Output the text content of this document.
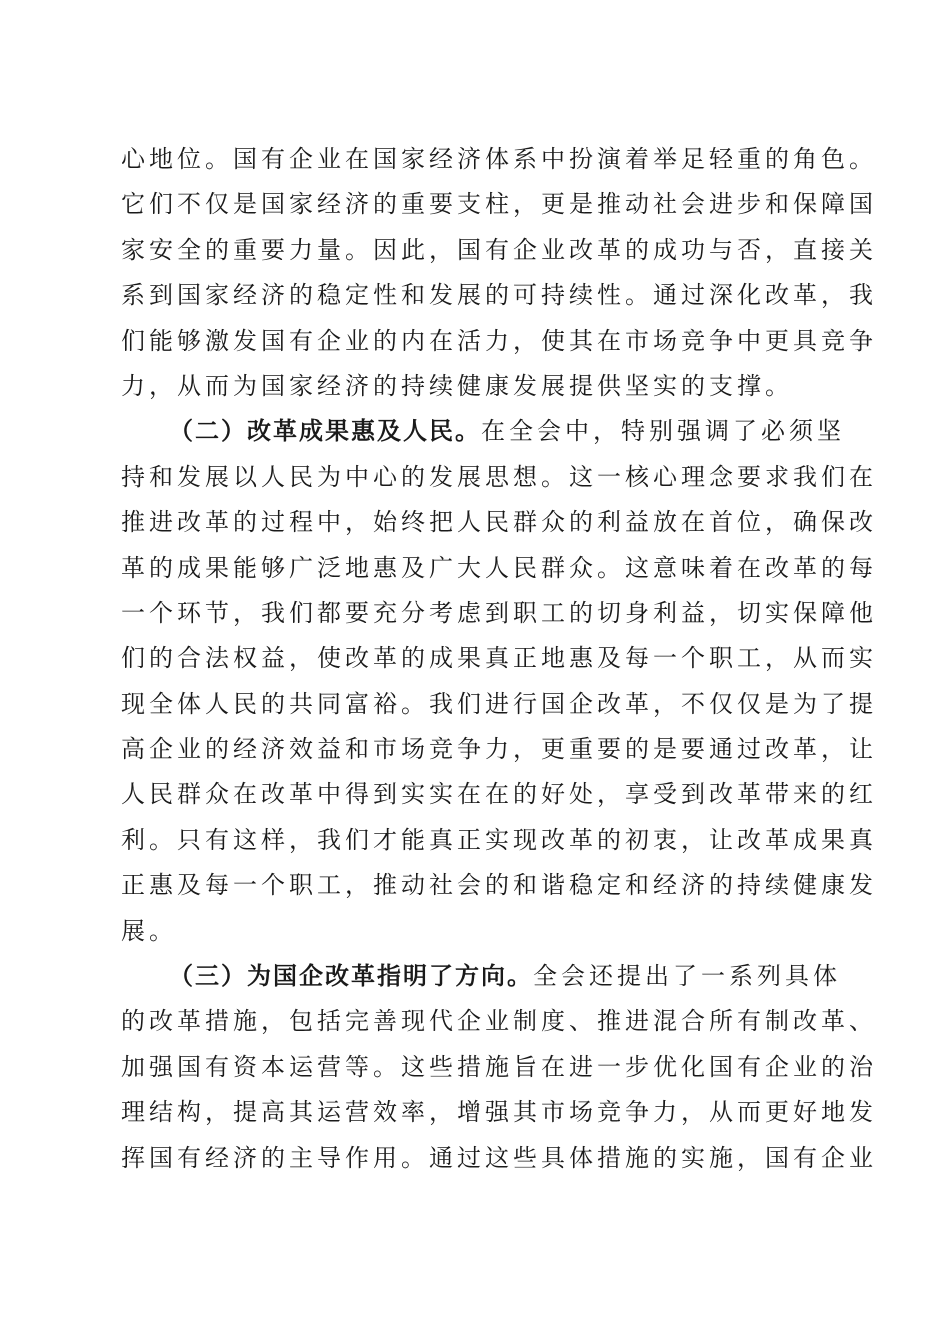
心地位。国有企业在国家经济体系中扮演着举足轻重的角色。
它们不仅是国家经济的重要支柱，更是推动社会进步和保障国
家安全的重要力量。因此，国有企业改革的成功与否，直接关
系到国家经济的稳定性和发展的可持续性。通过深化改革，我
们能够激发国有企业的内在活力，使其在市场竞争中更具竞争
力，从而为国家经济的持续健康发展提供坚实的支撑。
（二）改革成果惠及人民。在全会中，特别强调了必须坚
持和发展以人民为中心的发展思想。这一核心理念要求我们在
推进改革的过程中，始终把人民群众的利益放在首位，确保改
革的成果能够广泛地惠及广大人民群众。这意味着在改革的每
一个环节，我们都要充分考虑到职工的切身利益，切实保障他
们的合法权益，使改革的成果真正地惠及每一个职工，从而实
现全体人民的共同富裕。我们进行国企改革，不仅仅是为了提
高企业的经济效益和市场竞争力，更重要的是要通过改革，让
人民群众在改革中得到实实在在的好处，享受到改革带来的红
利。只有这样，我们才能真正实现改革的初衷，让改革成果真
正惠及每一个职工，推动社会的和谐稳定和经济的持续健康发
展。
（三）为国企改革指明了方向。全会还提出了一系列具体
的改革措施，包括完善现代企业制度、推进混合所有制改革、
加强国有资本运营等。这些措施旨在进一步优化国有企业的治
理结构，提高其运营效率，增强其市场竞争力，从而更好地发
挥国有经济的主导作用。通过这些具体措施的实施，国有企业
